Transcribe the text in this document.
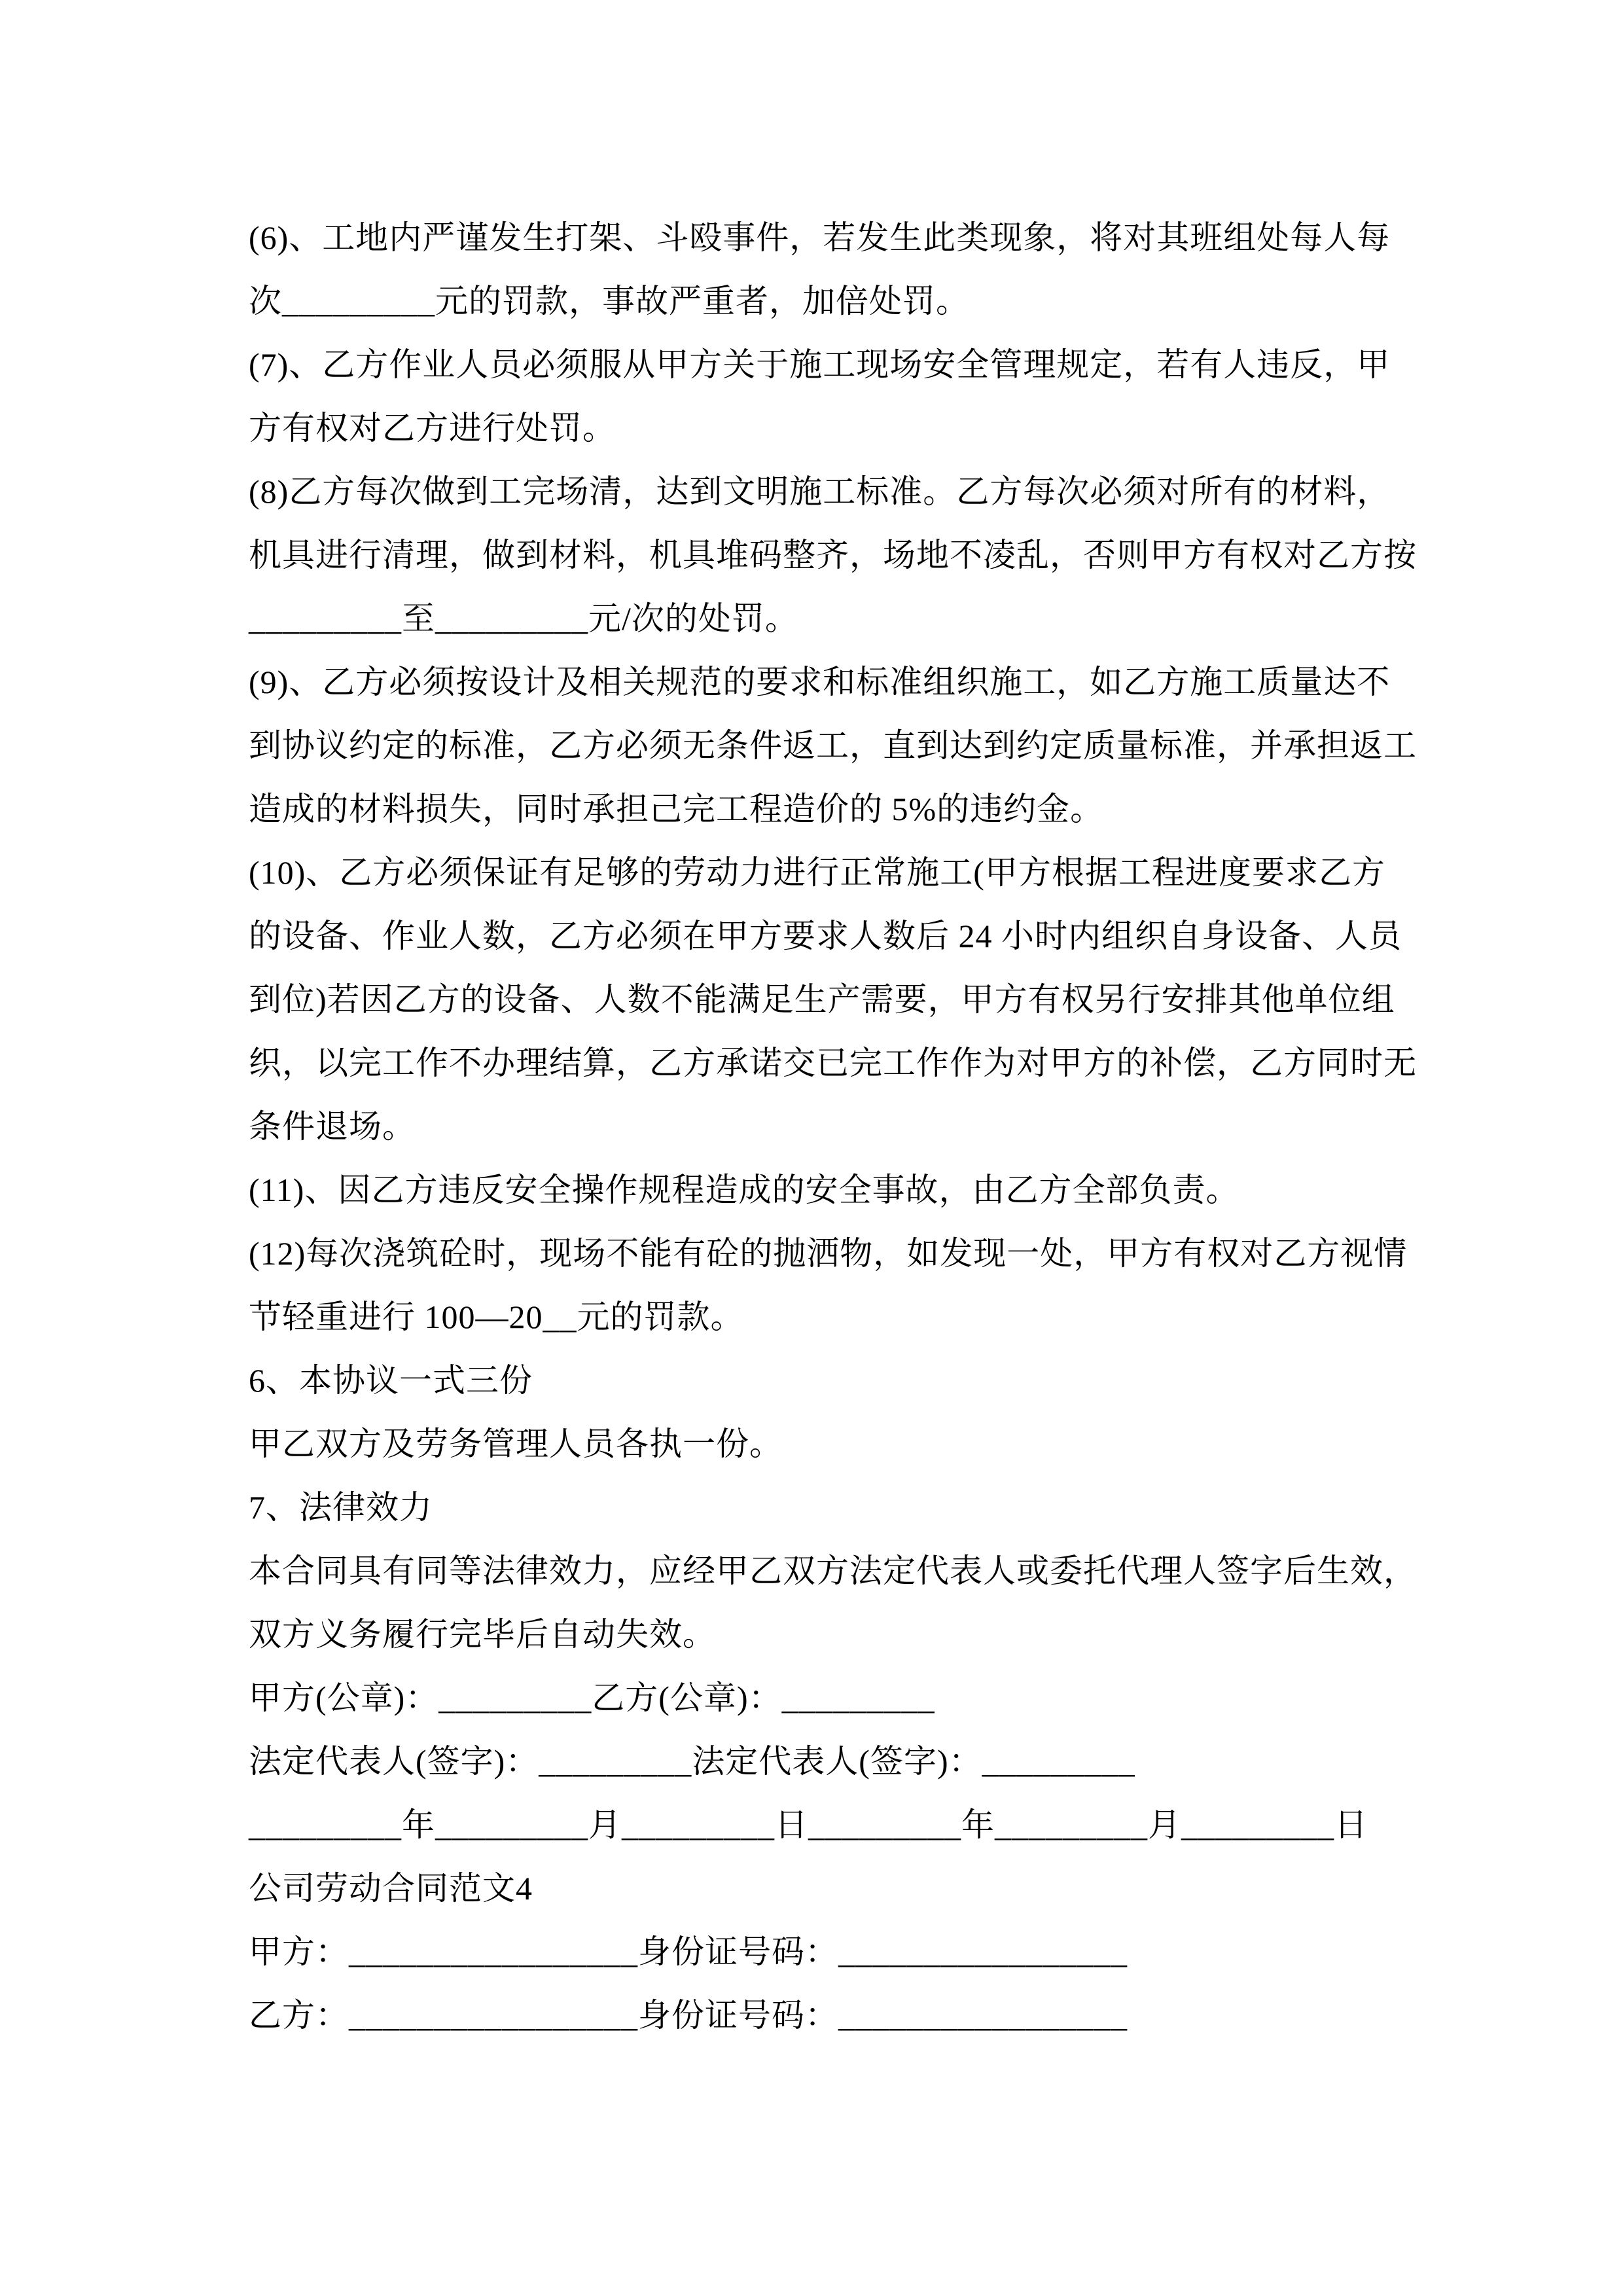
(6)、工地内严谨发生打架、斗殴事件，若发生此类现象，将对其班组处每人每
次_________元的罚款，事故严重者，加倍处罚。
(7)、乙方作业人员必须服从甲方关于施工现场安全管理规定，若有人违反，甲
方有权对乙方进行处罚。
(8)乙方每次做到工完场清，达到文明施工标准。乙方每次必须对所有的材料，
机具进行清理，做到材料，机具堆码整齐，场地不凌乱，否则甲方有权对乙方按
_________至_________元/次的处罚。
(9)、乙方必须按设计及相关规范的要求和标准组织施工，如乙方施工质量达不
到协议约定的标准，乙方必须无条件返工，直到达到约定质量标准，并承担返工
造成的材料损失，同时承担己完工程造价的 5%的违约金。
(10)、乙方必须保证有足够的劳动力进行正常施工(甲方根据工程进度要求乙方
的设备、作业人数，乙方必须在甲方要求人数后 24 小时内组织自身设备、人员
到位)若因乙方的设备、人数不能满足生产需要，甲方有权另行安排其他单位组
织，以完工作不办理结算，乙方承诺交已完工作作为对甲方的补偿，乙方同时无
条件退场。
(11)、因乙方违反安全操作规程造成的安全事故，由乙方全部负责。
(12)每次浇筑砼时，现场不能有砼的抛洒物，如发现一处，甲方有权对乙方视情
节轻重进行 100—20__元的罚款。
6、本协议一式三份
甲乙双方及劳务管理人员各执一份。
7、法律效力
本合同具有同等法律效力，应经甲乙双方法定代表人或委托代理人签字后生效，
双方义务履行完毕后自动失效。
甲方(公章)：_________乙方(公章)：_________
法定代表人(签字)：_________法定代表人(签字)：_________
_________年_________月_________日_________年_________月_________日
公司劳动合同范文4
甲方：_________________身份证号码：_________________
乙方：_________________身份证号码：_________________
